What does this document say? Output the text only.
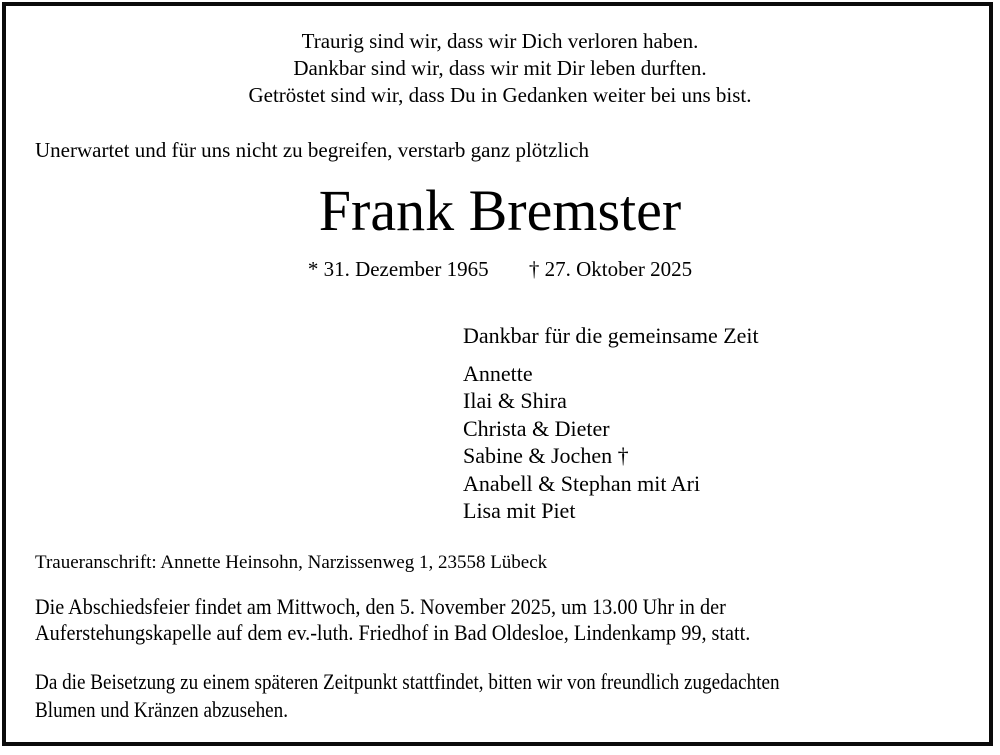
Traurig sind wir, dass wir Dich verloren haben.
Dankbar sind wir, dass wir mit Dir leben durften.
Getröstet sind wir, dass Du in Gedanken weiter bei uns bist.
Unerwartet und für uns nicht zu begreifen, verstarb ganz plötzlich
Frank Bremster
* 31. Dezember 1965 † 27. Oktober 2025
Dankbar für die gemeinsame Zeit
Annette
Ilai & Shira
Christa & Dieter
Sabine & Jochen †
Anabell & Stephan mit Ari
Lisa mit Piet
Traueranschrift: Annette Heinsohn, Narzissenweg 1, 23558 Lübeck
Die Abschiedsfeier findet am Mittwoch, den 5. November 2025, um 13.00 Uhr in der
Auferstehungskapelle auf dem ev.-luth. Friedhof in Bad Oldesloe, Lindenkamp 99, statt.
Da die Beisetzung zu einem späteren Zeitpunkt stattfindet, bitten wir von freundlich zugedachten
Blumen und Kränzen abzusehen.
